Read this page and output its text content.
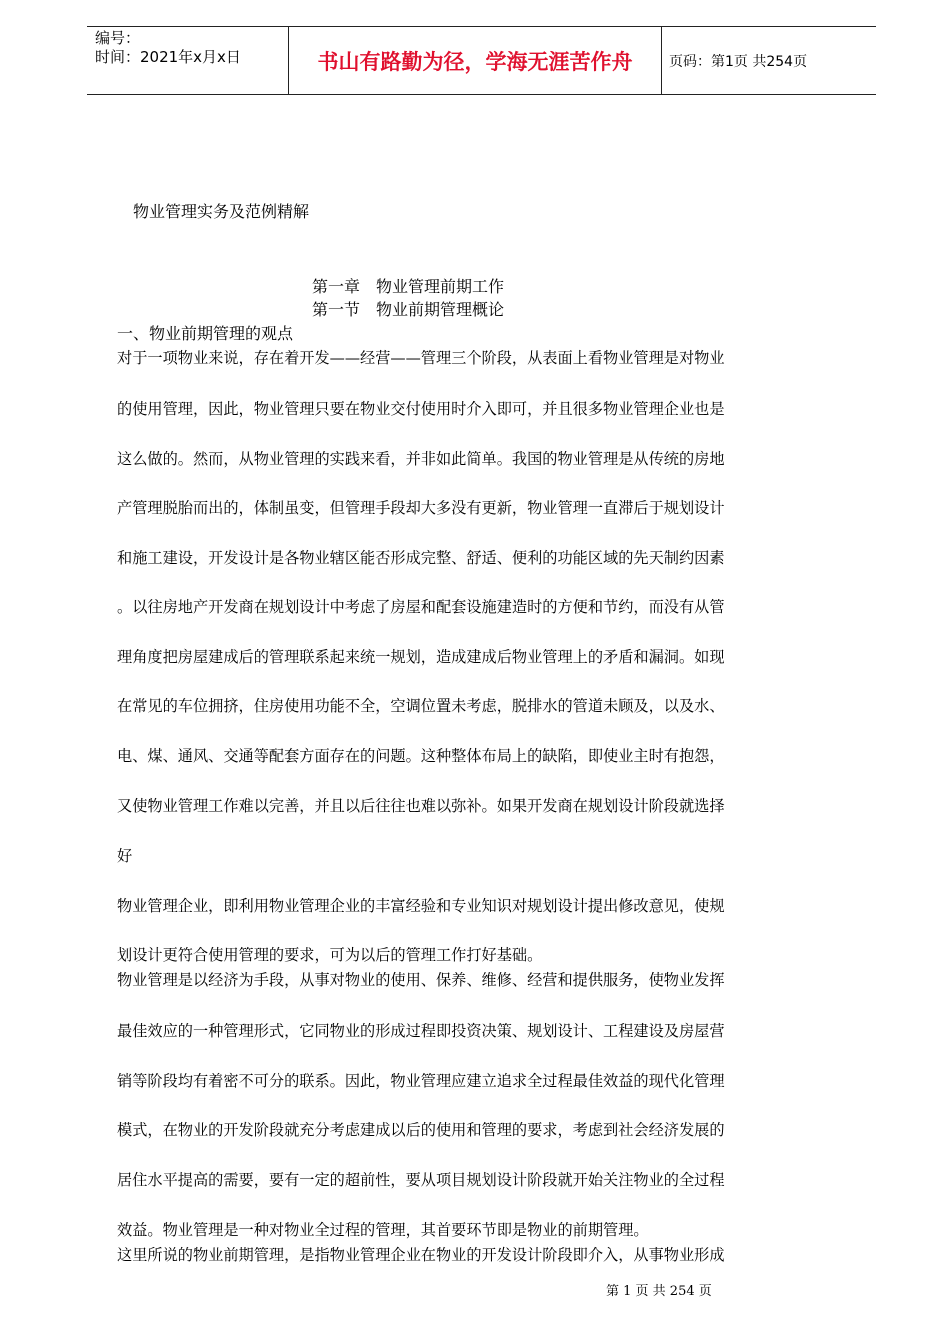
编号：
时间：2021年x月x日	书山有路勤为径，学海无涯苦作舟	页码：第1页 共254页
物业管理实务及范例精解
第一章　物业管理前期工作
第一节　物业前期管理概论
一、物业前期管理的观点
对于一项物业来说，存在着开发——经营——管理三个阶段，从表面上看物业管理是对物业
的使用管理，因此，物业管理只要在物业交付使用时介入即可，并且很多物业管理企业也是
这么做的。然而，从物业管理的实践来看，并非如此简单。我国的物业管理是从传统的房地
产管理脱胎而出的，体制虽变，但管理手段却大多没有更新，物业管理一直滞后于规划设计
和施工建设，开发设计是各物业辖区能否形成完整、舒适、便利的功能区域的先天制约因素
。以往房地产开发商在规划设计中考虑了房屋和配套设施建造时的方便和节约，而没有从管
理角度把房屋建成后的管理联系起来统一规划，造成建成后物业管理上的矛盾和漏洞。如现
在常见的车位拥挤，住房使用功能不全，空调位置未考虑，脱排水的管道未顾及，以及水、
电、煤、通风、交通等配套方面存在的问题。这种整体布局上的缺陷，即使业主时有抱怨，
又使物业管理工作难以完善，并且以后往往也难以弥补。如果开发商在规划设计阶段就选择
好
物业管理企业，即利用物业管理企业的丰富经验和专业知识对规划设计提出修改意见，使规
划设计更符合使用管理的要求，可为以后的管理工作打好基础。
物业管理是以经济为手段，从事对物业的使用、保养、维修、经营和提供服务，使物业发挥
最佳效应的一种管理形式，它同物业的形成过程即投资决策、规划设计、工程建设及房屋营
销等阶段均有着密不可分的联系。因此，物业管理应建立追求全过程最佳效益的现代化管理
模式，在物业的开发阶段就充分考虑建成以后的使用和管理的要求，考虑到社会经济发展的
居住水平提高的需要，要有一定的超前性，要从项目规划设计阶段就开始关注物业的全过程
效益。物业管理是一种对物业全过程的管理，其首要环节即是物业的前期管理。
这里所说的物业前期管理，是指物业管理企业在物业的开发设计阶段即介入，从事物业形成
第 1 页 共 254 页
